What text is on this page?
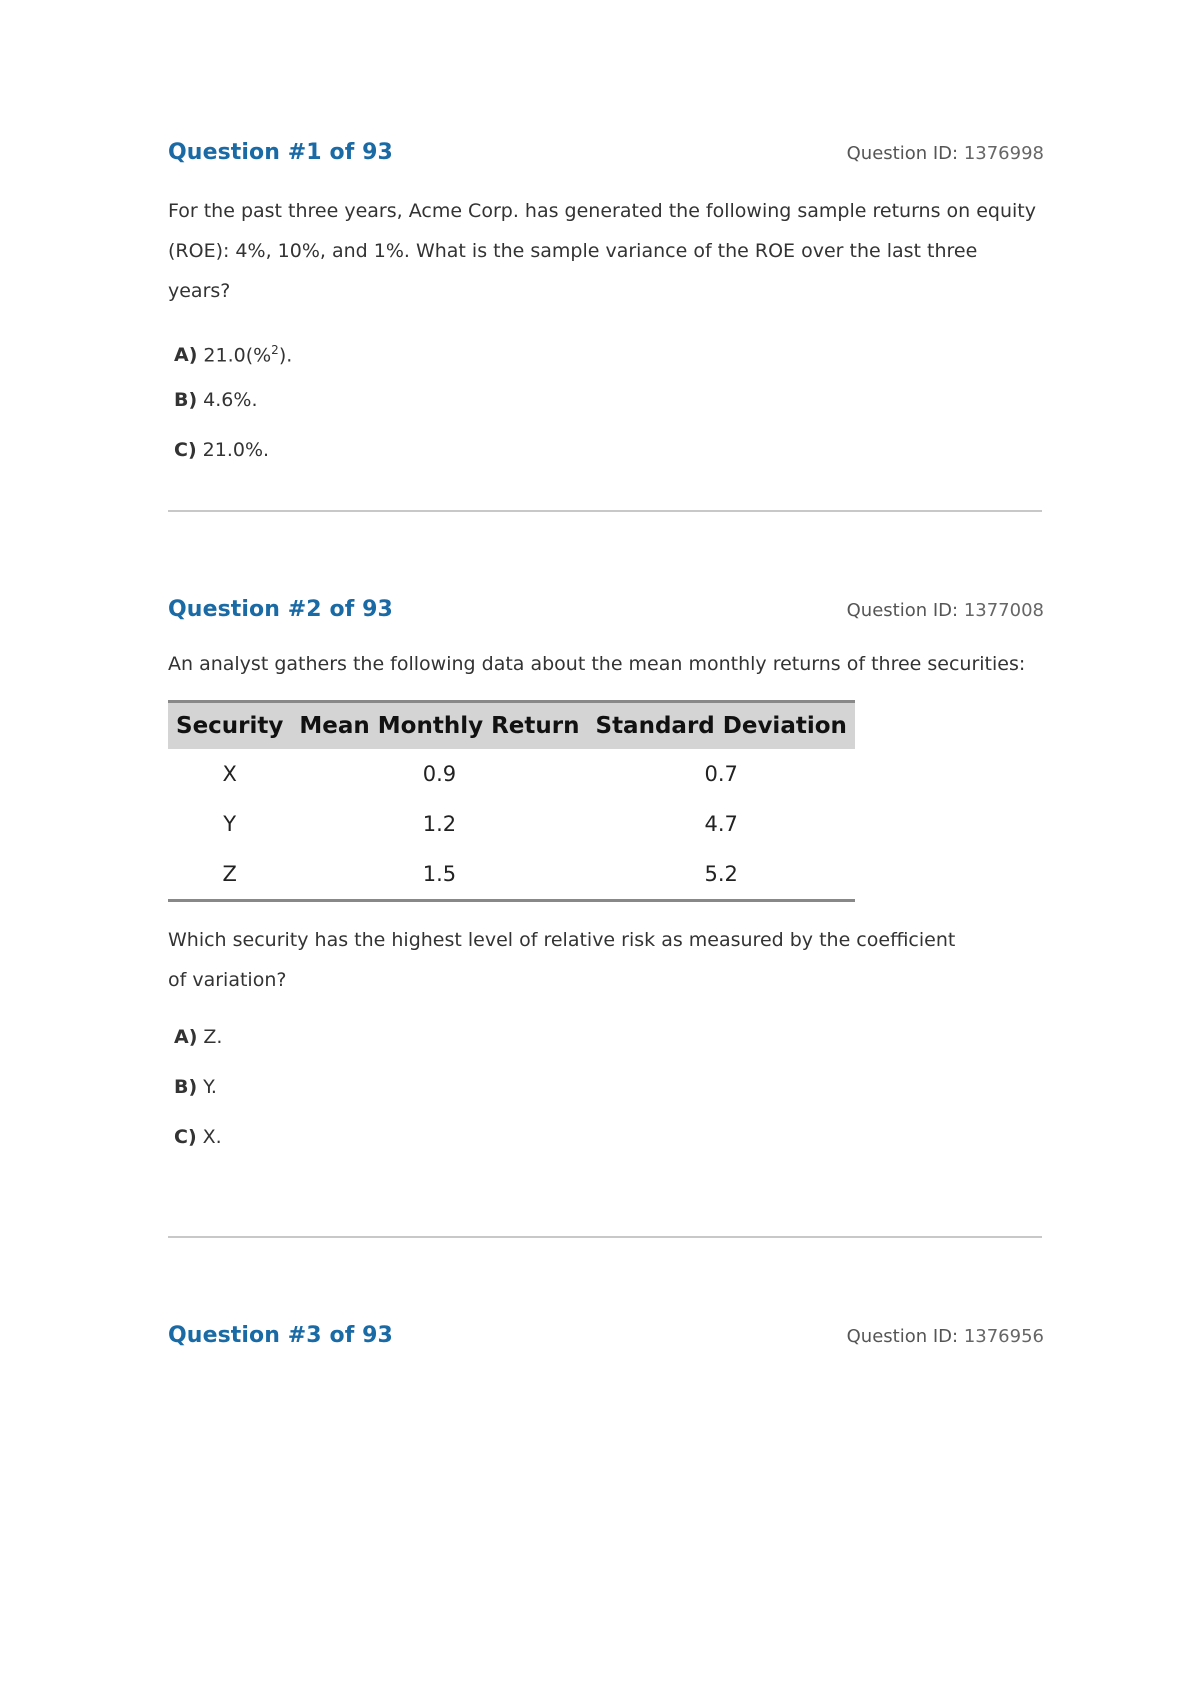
Question #1 of 93	Question ID: 1376998

For the past three years, Acme Corp. has generated the following sample returns on equity (ROE): 4%, 10%, and 1%. What is the sample variance of the ROE over the last three years?

A) 21.0(%$^2$).
B) 4.6%.
C) 21.0%.
Question #2 of 93	Question ID: 1377008

An analyst gathers the following data about the mean monthly returns of three securities:

Security	Mean Monthly Return	Standard Deviation
X	0.9	0.7
Y	1.2	4.7
Z	1.5	5.2

Which security has the highest level of relative risk as measured by the coefficient of variation?

A) Z.
B) Y.
C) X.
Question #3 of 93	Question ID: 1376956
